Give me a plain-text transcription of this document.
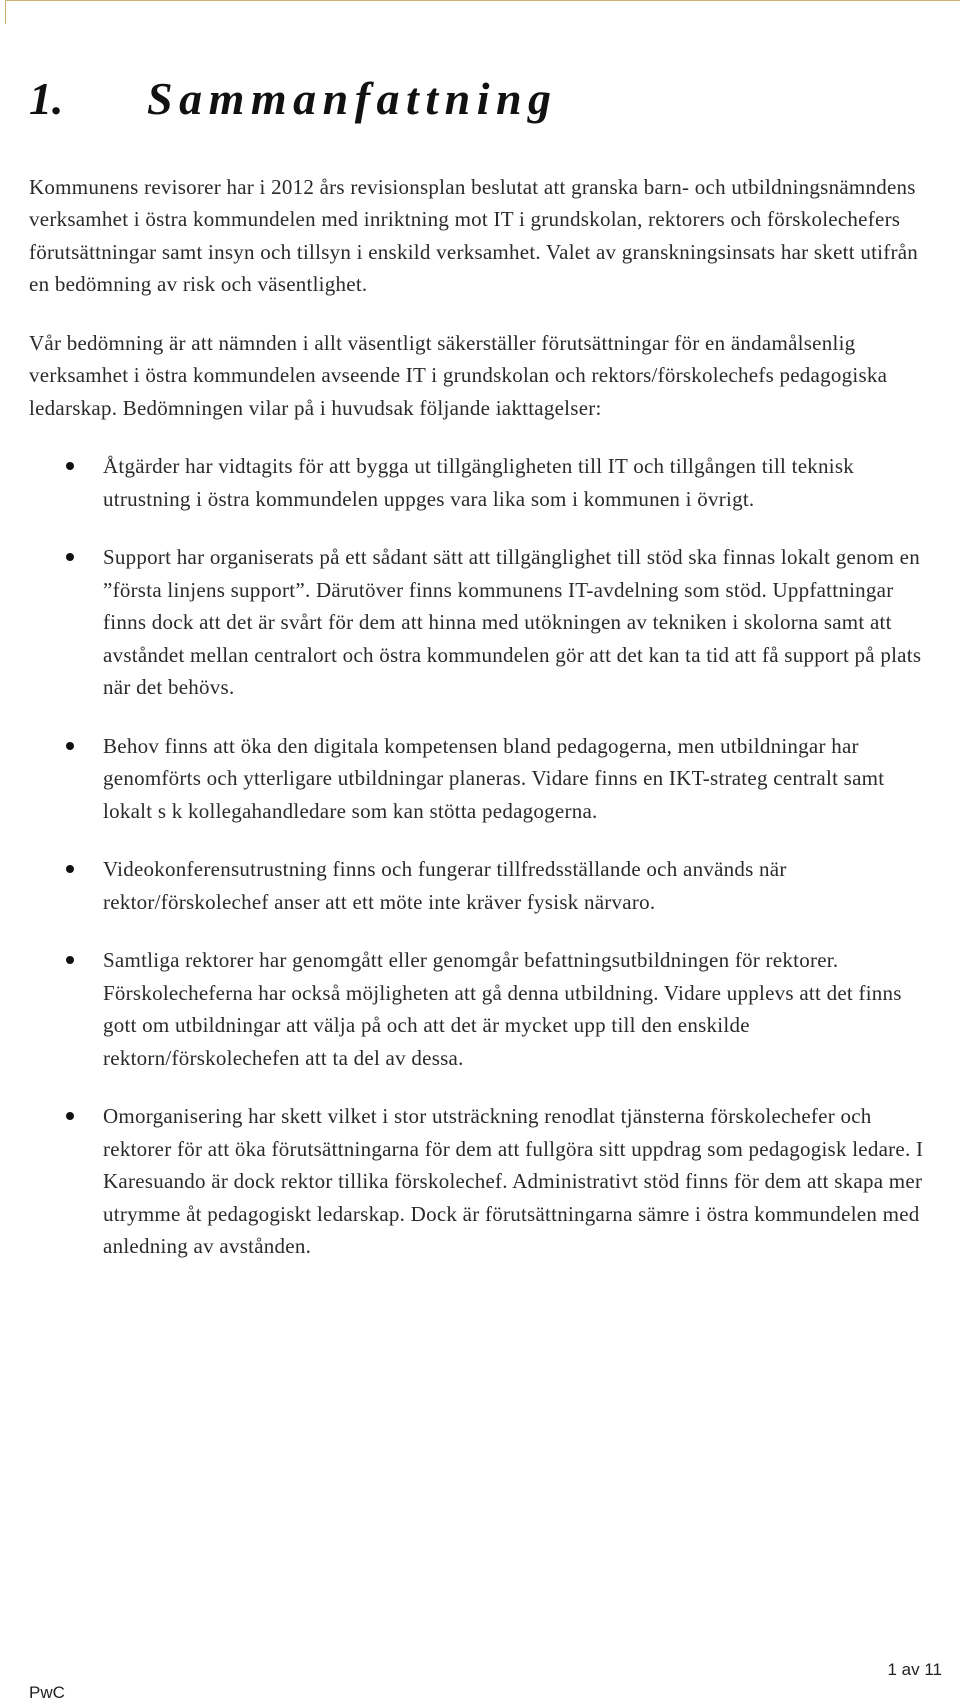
1.	Sammanfattning

Kommunens revisorer har i 2012 års revisionsplan beslutat att granska barn- och utbildningsnämndens verksamhet i östra kommundelen med inriktning mot IT i grundskolan, rektorers och förskolechefers förutsättningar samt insyn och tillsyn i enskild verksamhet. Valet av granskningsinsats har skett utifrån en bedömning av risk och väsentlighet.

Vår bedömning är att nämnden i allt väsentligt säkerställer förutsättningar för en ändamålsenlig verksamhet i östra kommundelen avseende IT i grundskolan och rektors/förskolechefs pedagogiska ledarskap. Bedömningen vilar på i huvudsak följande iakttagelser:

Åtgärder har vidtagits för att bygga ut tillgängligheten till IT och tillgången till teknisk utrustning i östra kommundelen uppges vara lika som i kommunen i övrigt.
Support har organiserats på ett sådant sätt att tillgänglighet till stöd ska finnas lokalt genom en ”första linjens support”. Därutöver finns kommunens IT-avdelning som stöd. Uppfattningar finns dock att det är svårt för dem att hinna med utökningen av tekniken i skolorna samt att avståndet mellan centralort och östra kommundelen gör att det kan ta tid att få support på plats när det behövs.
Behov finns att öka den digitala kompetensen bland pedagogerna, men utbildningar har genomförts och ytterligare utbildningar planeras. Vidare finns en IKT-strateg centralt samt lokalt s k kollegahandledare som kan stötta pedagogerna.
Videokonferensutrustning finns och fungerar tillfredsställande och används när rektor/förskolechef anser att ett möte inte kräver fysisk närvaro.
Samtliga rektorer har genomgått eller genomgår befattningsutbildningen för rektorer. Förskolecheferna har också möjligheten att gå denna utbildning. Vidare upplevs att det finns gott om utbildningar att välja på och att det är mycket upp till den enskilde rektorn/förskolechefen att ta del av dessa.
Omorganisering har skett vilket i stor utsträckning renodlat tjänsterna förskolechefer och rektorer för att öka förutsättningarna för dem att fullgöra sitt uppdrag som pedagogisk ledare. I Karesuando är dock rektor tillika förskolechef. Administrativt stöd finns för dem att skapa mer utrymme åt pedagogiskt ledarskap. Dock är förutsättningarna sämre i östra kommundelen med anledning av avstånden.
1 av 11
PwC
